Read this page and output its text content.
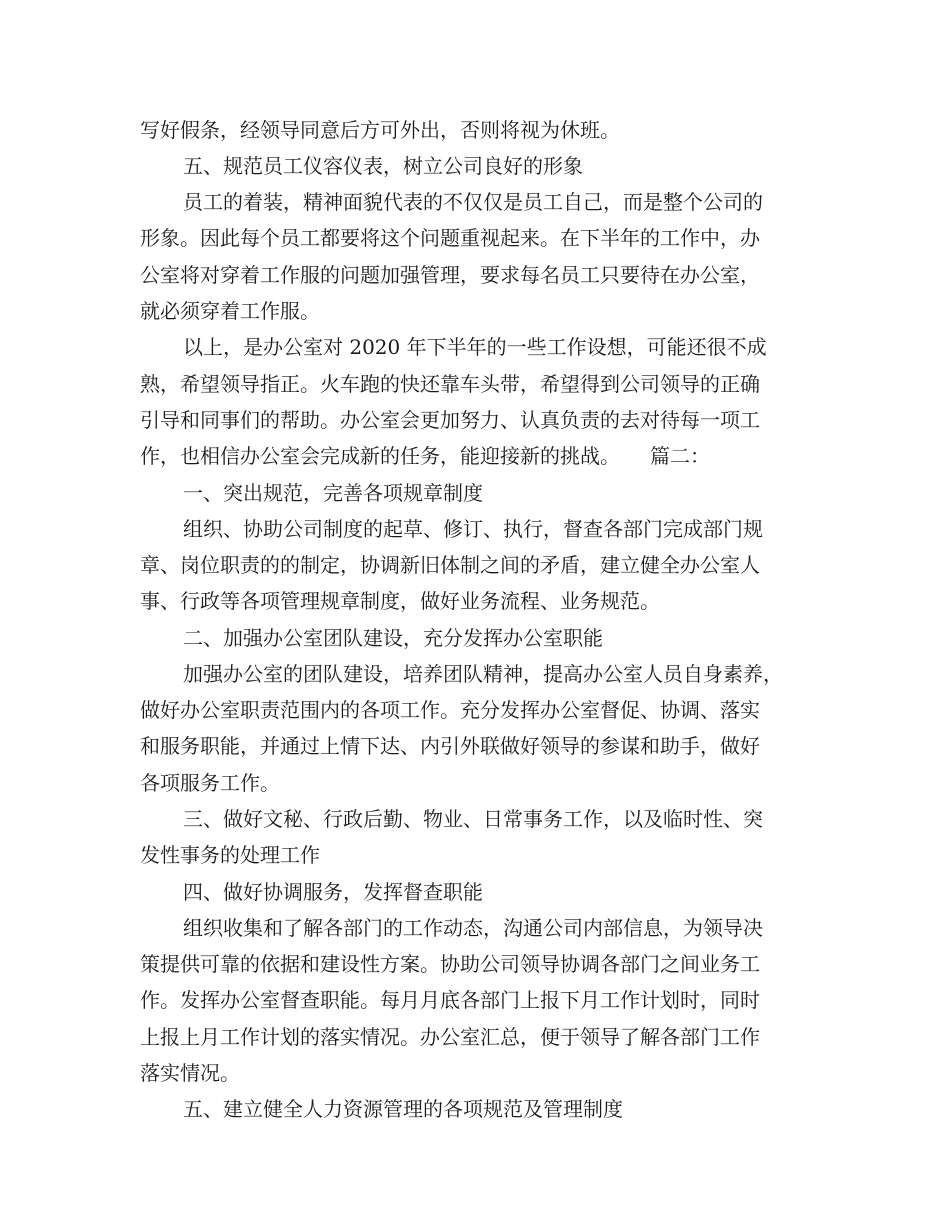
写好假条，经领导同意后方可外出，否则将视为休班。
五、规范员工仪容仪表，树立公司良好的形象
员工的着装，精神面貌代表的不仅仅是员工自己，而是整个公司的
形象。因此每个员工都要将这个问题重视起来。在下半年的工作中，办
公室将对穿着工作服的问题加强管理，要求每名员工只要待在办公室，
就必须穿着工作服。
以上，是办公室对 2020 年下半年的一些工作设想，可能还很不成
熟，希望领导指正。火车跑的快还靠车头带，希望得到公司领导的正确
引导和同事们的帮助。办公室会更加努力、认真负责的去对待每一项工
作，也相信办公室会完成新的任务，能迎接新的挑战。　　篇二：
一、突出规范，完善各项规章制度
组织、协助公司制度的起草、修订、执行，督查各部门完成部门规
章、岗位职责的的制定，协调新旧体制之间的矛盾，建立健全办公室人
事、行政等各项管理规章制度，做好业务流程、业务规范。
二、加强办公室团队建设，充分发挥办公室职能
加强办公室的团队建设，培养团队精神，提高办公室人员自身素养，
做好办公室职责范围内的各项工作。充分发挥办公室督促、协调、落实
和服务职能，并通过上情下达、内引外联做好领导的参谋和助手，做好
各项服务工作。
三、做好文秘、行政后勤、物业、日常事务工作，以及临时性、突
发性事务的处理工作
四、做好协调服务，发挥督查职能
组织收集和了解各部门的工作动态，沟通公司内部信息，为领导决
策提供可靠的依据和建设性方案。协助公司领导协调各部门之间业务工
作。发挥办公室督查职能。每月月底各部门上报下月工作计划时，同时
上报上月工作计划的落实情况。办公室汇总，便于领导了解各部门工作
落实情况。
五、建立健全人力资源管理的各项规范及管理制度
